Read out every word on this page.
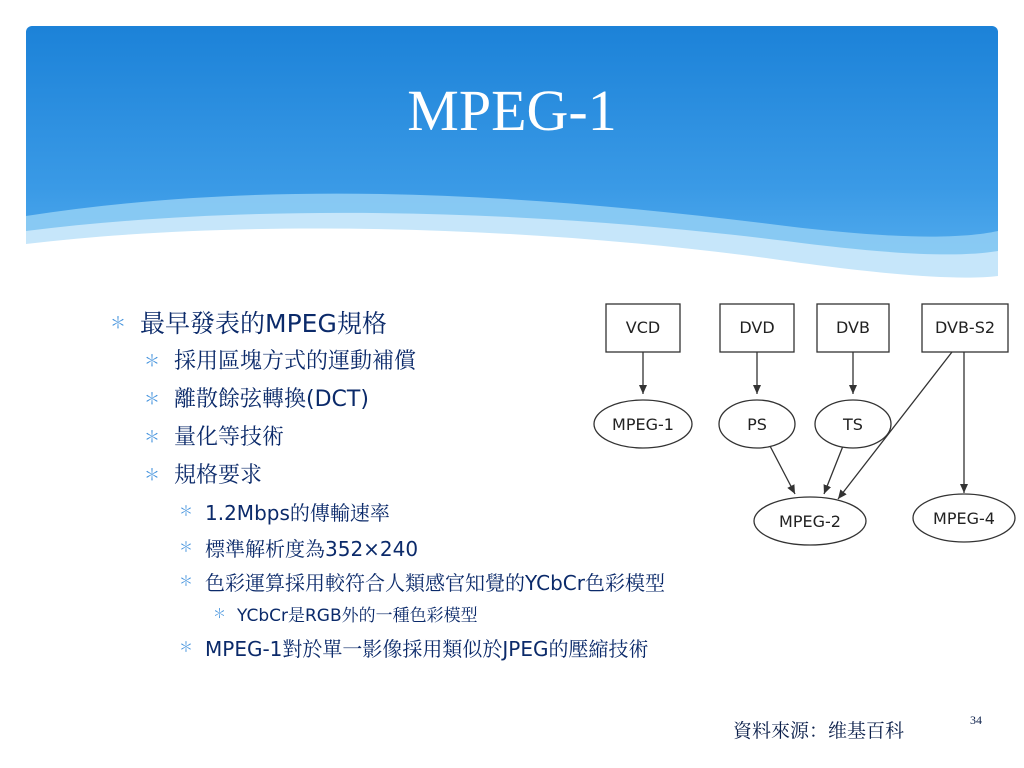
MPEG-1
＊ 最早發表的MPEG規格
＊ 採用區塊方式的運動補償
＊ 離散餘弦轉換(DCT)
＊ 量化等技術
＊ 規格要求
＊ 1.2Mbps的傳輸速率
＊ 標準解析度為352×240
＊ 色彩運算採用較符合人類感官知覺的YCbCr色彩模型
＊ YCbCr是RGB外的一種色彩模型
＊ MPEG-1對於單一影像採用類似於JPEG的壓縮技術
VCD	DVD	DVB	DVB-S2
MPEG-1	PS	TS
MPEG-2	MPEG-4
資料來源：维基百科	34
